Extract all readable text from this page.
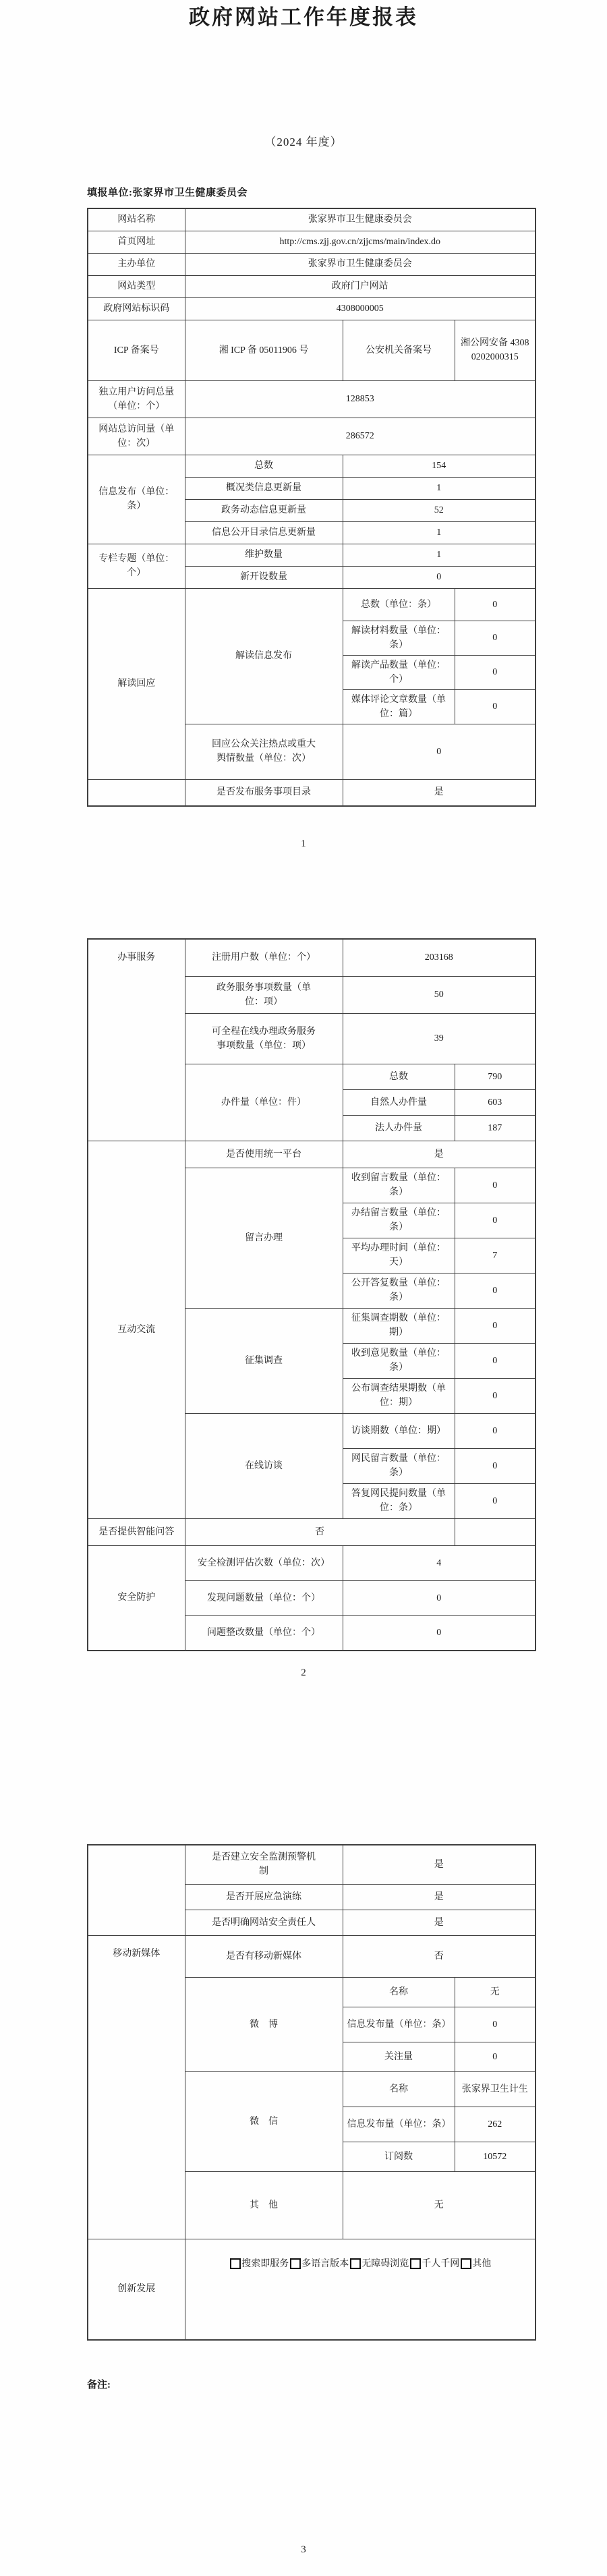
政府网站工作年度报表
（2024 年度）
填报单位:张家界市卫生健康委员会
网站名称	张家界市卫生健康委员会		
首页网址	http://cms.zjj.gov.cn/zjjcms/main/index.do		
主办单位	张家界市卫生健康委员会		
网站类型	政府门户网站		
政府网站标识码	4308000005		
ICP 备案号	湘 ICP 备 05011906 号	公安机关备案号	湘公网安备 43080202000315
独立用户访问总量（单位：个）	128853		
网站总访问量（单位：次）	286572		
信息发布（单位：条）	总数	154	
	概况类信息更新量	1	
	政务动态信息更新量	52	
	信息公开目录信息更新量	1	
专栏专题（单位：个）	维护数量	1	
	新开设数量	0	
解读回应	解读信息发布	总数（单位：条）	0
		解读材料数量（单位：条）	0
		解读产品数量（单位：个）	0
		媒体评论文章数量（单位：篇）	0
	回应公众关注热点或重大舆情数量（单位：次）	0	
	是否发布服务事项目录	是	
1
办事服务	注册用户数（单位：个）	203168	
	政务服务事项数量（单位：项）	50	
	可全程在线办理政务服务事项数量（单位：项）	39	
	办件量（单位：件）	总数	790
		自然人办件量	603
		法人办件量	187
互动交流	是否使用统一平台	是	
	留言办理	收到留言数量（单位：条）	0
		办结留言数量（单位：条）	0
		平均办理时间（单位：天）	7
		公开答复数量（单位：条）	0
	征集调查	征集调查期数（单位：期）	0
		收到意见数量（单位：条）	0
		公布调查结果期数（单位：期）	0
	在线访谈	访谈期数（单位：期）	0
		网民留言数量（单位：条）	0
		答复网民提问数量（单位：条）	0
是否提供智能问答	否		
安全防护	安全检测评估次数（单位：次）	4	
	发现问题数量（单位：个）	0	
	问题整改数量（单位：个）	0	
2
	是否建立安全监测预警机制	是	
	是否开展应急演练	是	
	是否明确网站安全责任人	是	
移动新媒体	是否有移动新媒体	否	
	微　博	名称	无
		信息发布量（单位：条）	0
		关注量	0
	微　信	名称	张家界卫生计生
		信息发布量（单位：条）	262
		订阅数	10572
	其　他	无	
创新发展	搜索即服务 多语言版本 无障碍浏览 千人千网 其他		
备注:
3
